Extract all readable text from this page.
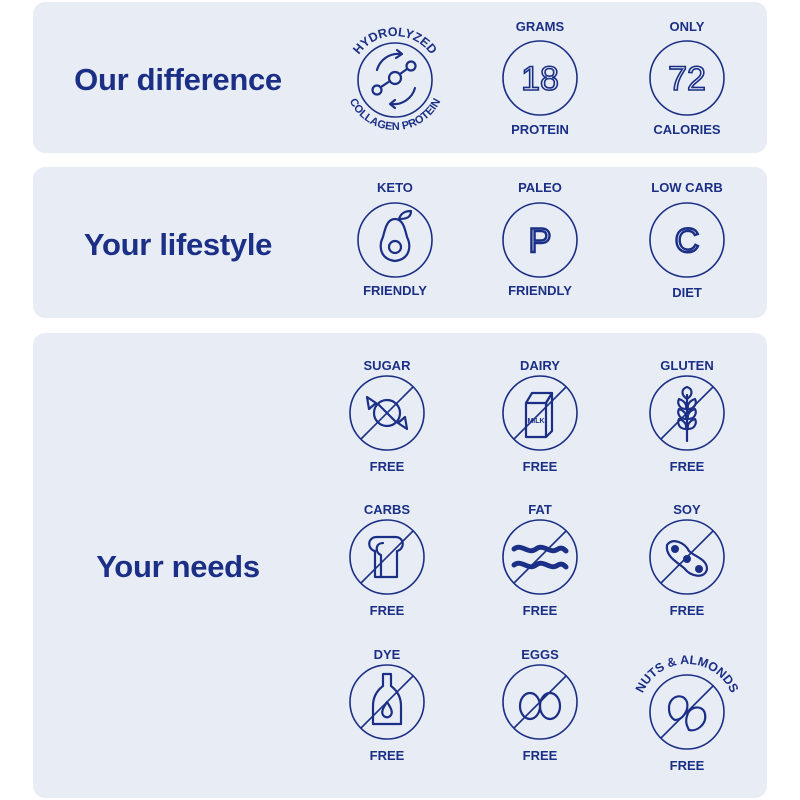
Our difference
HYDROLYZED
COLLAGEN PROTEIN
GRAMS
18
PROTEIN
ONLY
72
CALORIES
Your lifestyle
KETO
FRIENDLY
PALEO
P
FRIENDLY
LOW CARB
C
DIET
Your needs
SUGAR
FREE
DAIRY
MILK
FREE
GLUTEN
FREE
CARBS
FREE
FAT
FREE
SOY
FREE
DYE
FREE
EGGS
FREE
NUTS & ALMONDS
FREE
